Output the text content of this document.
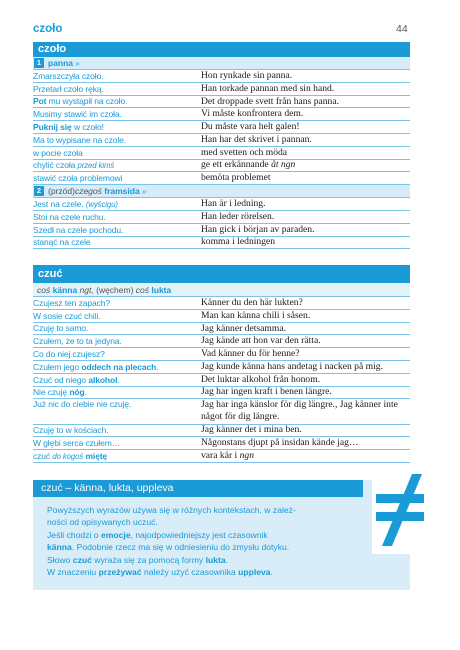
czoło	44
czoło
1 panna
»
Zmarszczyła czoło.	Hon rynkade sin panna.
Przetarł czoło ręką.	Han torkade pannan med sin hand.
Pot mu wystąpił na czoło.	Det droppade svett från hans panna.
Musimy stawić im czoła.	Vi måste konfrontera dem.
Puknij się w czoło!	Du måste vara helt galen!
Ma to wypisane na czole.	Han har det skrivet i pannan.
w pocie czoła	med svetten och möda
chylić czoła przed kimś	ge ett erkännande åt ngn
stawić czoła problemowi	bemöta problemet
2 (przód) czegoś
framsida
»
Jest na czele. (wyścigu)	Han är i ledning.
Stoi na czele ruchu.	Han leder rörelsen.
Szedł na czele pochodu.	Han gick i början av paraden.
stanąć na czele	komma i ledningen
czuć
coś känna ngt, (węchem) coś lukta
Czujesz ten zapach?	Känner du den här lukten?
W sosie czuć chili.	Man kan känna chili i såsen.
Czuję to samo.	Jag känner detsamma.
Czułem, że to ta jedyna.	Jag kände att hon var den rätta.
Co do niej czujesz?	Vad känner du för henne?
Czułem jego oddech na plecach.	Jag kunde känna hans andetag i nacken på mig.
Czuć od niego alkohol.	Det luktar alkohol från honom.
Nie czuję nóg.	Jag har ingen kraft i benen längre.
Już nic do ciebie nie czuję.	Jag har inga känslor för dig längre., Jag känner inte något för dig längre.
Czuję to w kościach.	Jag känner det i mina ben.
W głębi serca czułem…	Någonstans djupt på insidan kände jag…
czuć do kogoś miętę	vara kär i ngn
czuć – känna, lukta, uppleva
Powyższych wyrazów używa się w różnych kontekstach, w zależ-
ności od opisywanych uczuć.
Jeśli chodzi o emocje, najodpowiedniejszy jest czasownik
känna. Podobnie rzecz ma się w odniesieniu do zmysłu dotyku.
Słowo czuć wyraża się za pomocą formy lukta.
W znaczeniu przeżywać należy użyć czasownika uppleva.
